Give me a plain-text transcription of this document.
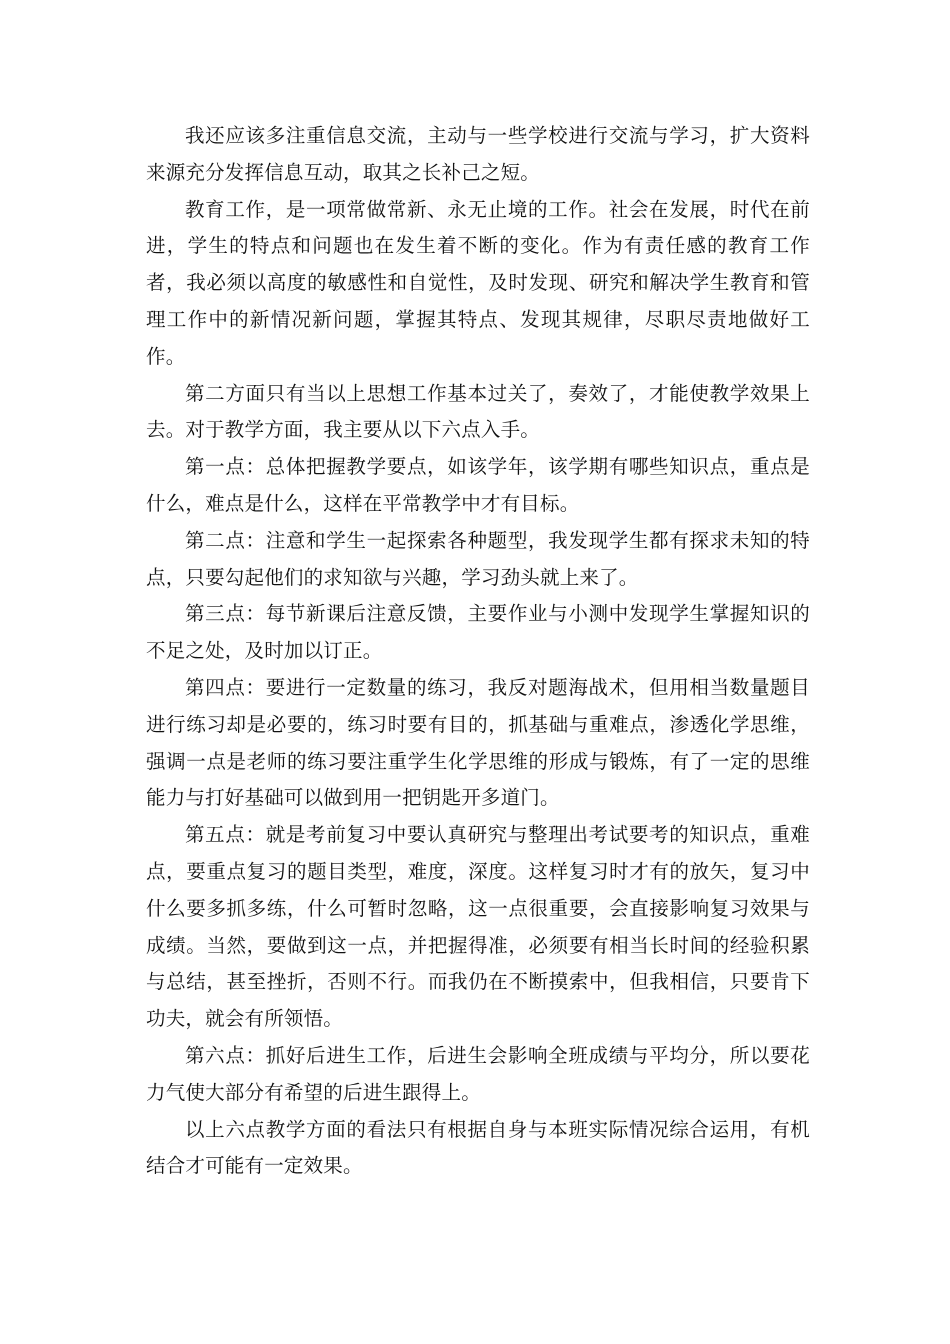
我还应该多注重信息交流，主动与一些学校进行交流与学习，扩大资料来源充分发挥信息互动，取其之长补己之短。

教育工作，是一项常做常新、永无止境的工作。社会在发展，时代在前进，学生的特点和问题也在发生着不断的变化。作为有责任感的教育工作者，我必须以高度的敏感性和自觉性，及时发现、研究和解决学生教育和管理工作中的新情况新问题，掌握其特点、发现其规律，尽职尽责地做好工作。

第二方面只有当以上思想工作基本过关了，奏效了，才能使教学效果上去。对于教学方面，我主要从以下六点入手。

第一点：总体把握教学要点，如该学年，该学期有哪些知识点，重点是什么，难点是什么，这样在平常教学中才有目标。

第二点：注意和学生一起探索各种题型，我发现学生都有探求未知的特点，只要勾起他们的求知欲与兴趣，学习劲头就上来了。

第三点：每节新课后注意反馈，主要作业与小测中发现学生掌握知识的不足之处，及时加以订正。

第四点：要进行一定数量的练习，我反对题海战术，但用相当数量题目进行练习却是必要的，练习时要有目的，抓基础与重难点，渗透化学思维，强调一点是老师的练习要注重学生化学思维的形成与锻炼，有了一定的思维能力与打好基础可以做到用一把钥匙开多道门。

第五点：就是考前复习中要认真研究与整理出考试要考的知识点，重难点，要重点复习的题目类型，难度，深度。这样复习时才有的放矢，复习中什么要多抓多练，什么可暂时忽略，这一点很重要，会直接影响复习效果与成绩。当然，要做到这一点，并把握得准，必须要有相当长时间的经验积累与总结，甚至挫折，否则不行。而我仍在不断摸索中，但我相信，只要肯下功夫，就会有所领悟。

第六点：抓好后进生工作，后进生会影响全班成绩与平均分，所以要花力气使大部分有希望的后进生跟得上。

以上六点教学方面的看法只有根据自身与本班实际情况综合运用，有机结合才可能有一定效果。
